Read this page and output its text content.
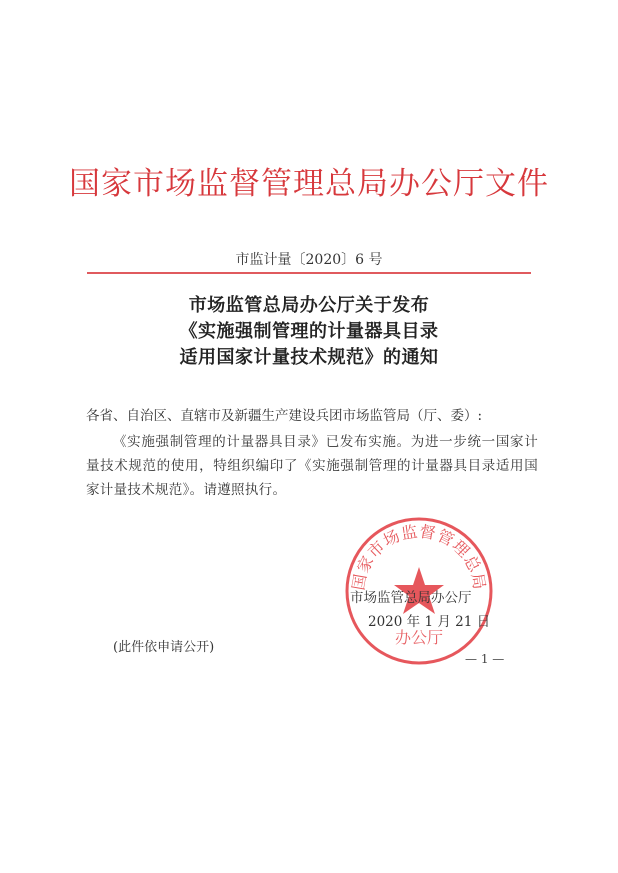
国家市场监督管理总局办公厅文件
市监计量〔2020〕6 号
市场监管总局办公厅关于发布
《实施强制管理的计量器具目录
适用国家计量技术规范》的通知
各省、自治区、直辖市及新疆生产建设兵团市场监管局（厅、委）:
《实施强制管理的计量器具目录》已发布实施。为进一步统一国家计量技术规范的使用，特组织编印了《实施强制管理的计量器具目录适用国家计量技术规范》。请遵照执行。
国家市场监督管理总局
办公厅
市场监管总局办公厅
2020 年 1 月 21 日
(此件依申请公开)
— 1 —
